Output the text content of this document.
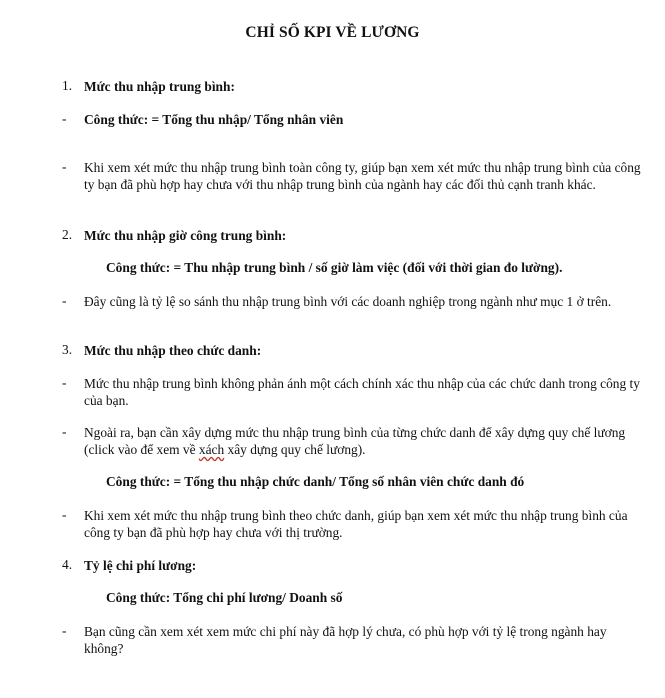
CHỈ SỐ KPI VỀ LƯƠNG
1. Mức thu nhập trung bình:
- Công thức: = Tổng thu nhập/ Tổng nhân viên
- Khi xem xét mức thu nhập trung bình toàn công ty, giúp bạn xem xét mức thu nhập trung bình của công ty bạn đã phù hợp hay chưa với thu nhập trung bình của ngành hay các đối thủ cạnh tranh khác.
2. Mức thu nhập giờ công trung bình:
Công thức: = Thu nhập trung bình / số giờ làm việc (đối với thời gian đo lường).
- Đây cũng là tỷ lệ so sánh thu nhập trung bình với các doanh nghiệp trong ngành như mục 1 ở trên.
3. Mức thu nhập theo chức danh:
- Mức thu nhập trung bình không phản ánh một cách chính xác thu nhập của các chức danh trong công ty của bạn.
- Ngoài ra, bạn cần xây dựng mức thu nhập trung bình của từng chức danh để xây dựng quy chế lương (click vào để xem về xách xây dựng quy chế lương).
Công thức: = Tổng thu nhập chức danh/ Tổng số nhân viên chức danh đó
- Khi xem xét mức thu nhập trung bình theo chức danh, giúp bạn xem xét mức thu nhập trung bình của công ty bạn đã phù hợp hay chưa với thị trường.
4. Tỷ lệ chi phí lương:
Công thức: Tổng chi phí lương/ Doanh số
- Bạn cũng cần xem xét xem mức chi phí này đã hợp lý chưa, có phù hợp với tỷ lệ trong ngành hay không?
